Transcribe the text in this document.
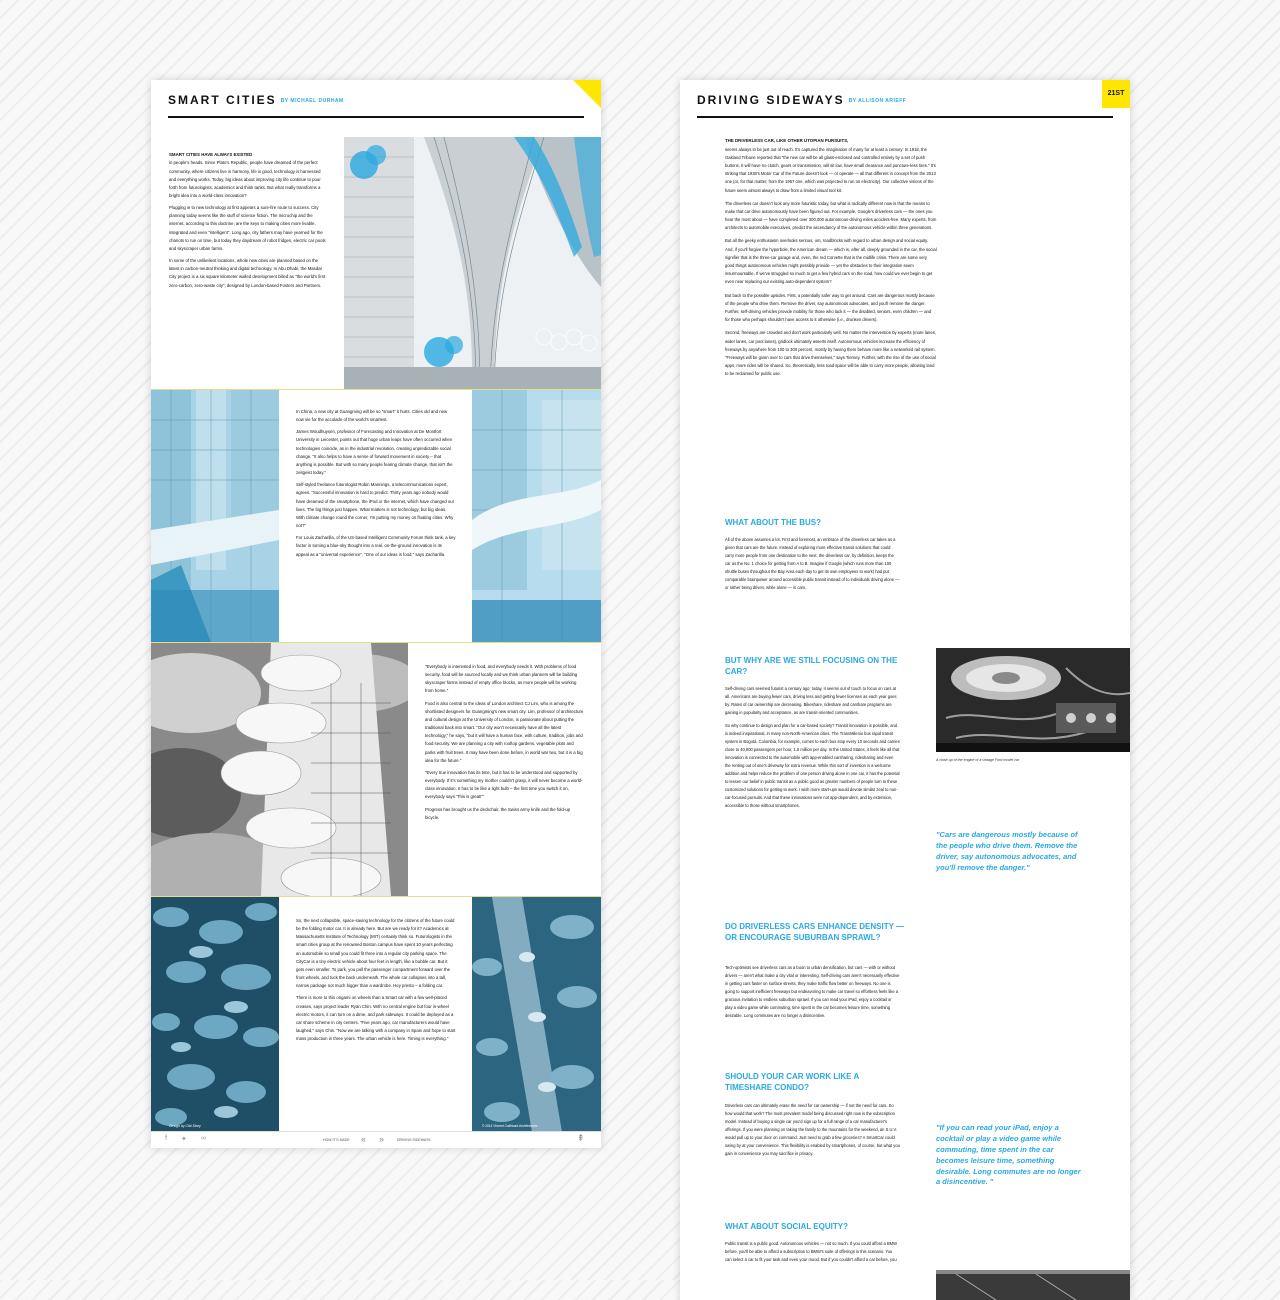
SMART CITIES BY MICHAEL DURHAM

SMART CITIES HAVE ALWAYS EXISTED
in people's heads. Since Plato's Republic, people have dreamed of the perfect community, where citizens live in harmony, life is good, technology is harnessed and everything works. Today, big ideas about improving city life continue to pour forth from futurologists, academics and think tanks. But what really transforms a bright idea into a world-class innovation?

Plugging in to new technology at first appears a sure-fire route to success. City planning today seems like the stuff of science fiction. The microchip and the internet, according to this doctrine, are the keys to making cities more livable, integrated and even "intelligent". Long ago, city fathers may have yearned for the chariots to run on time, but today they daydream of robot fridges, electric car pools and skyscraper urban farms.

In some of the unlikeliest locations, whole new cities are planned based on the latest in carbon-neutral thinking and digital technology. In Abu Dhabi, the Masdar City project is a six square kilometer walled development billed as "the world's first zero-carbon, zero-waste city", designed by London-based Fosters and Partners.

In China, a new city at Guangming will be so "smart" it hurts. Cities old and new now vie for the accolade of the world's smartest.

James Woudhuysen, professor of Forecasting and Innovation at De Montfort University in Leicester, points out that huge urban leaps have often occurred when technologies coincide, as in the industrial revolution, creating unpredictable social change. "It also helps to have a sense of forward movement in society – that anything is possible. But with so many people fearing climate change, that isn't the zeitgeist today."

Self-styled freelance futurologist Robin Mannings, a telecommunications expert, agrees. "Successful innovation is hard to predict. Thirty years ago nobody would have dreamed of the smartphone, the iPod or the internet, which have changed our lives. The big things just happen. What matters is not technology, but big ideas. With climate change round the corner, I'm putting my money on floating cities. Why not?"

For Louis Zacharilla, of the US-based Intelligent Community Forum think tank, a key factor in turning a blue-sky thought into a real, on-the-ground innovation is its appeal as a "universal experience". "One of our ideas is food," says Zacharilla.

"Everybody is interested in food, and everybody needs it. With problems of food security, food will be sourced locally and we think urban planners will be building skyscraper farms instead of empty office blocks, as more people will be working from home."

Food is also central to the ideas of London architect CJ Lim, who is among the shortlisted designers for Guangming's new smart city. Lim, professor of architecture and cultural design at the University of London, is passionate about putting the traditional back into smart. "Our city won't necessarily have all the latest technology," he says, "but it will have a human face, with culture, tradition, jobs and food security. We are planning a city with rooftop gardens, vegetable plots and parks with fruit trees. It may have been done before, in world war two, but it is a big idea for the future."

"Every true innovation has its time, but it has to be understood and supported by everybody. If it's something my mother couldn't grasp, it will never become a world-class innovation. It has to be like a light bulb – the first time you switch it on, everybody says 'This is great!'"

Progress has brought us the deckchair, the Swiss army knife and the fold-up bicycle.

Design by Cibi Story

So, the next collapsible, space-saving technology for the citizens of the future could be the folding motor car. It is already here. But are we ready for it? Academics at Massachusetts Institute of Technology (MIT) certainly think so. Futurologists in the smart cities group at the renowned Boston campus have spent 10 years perfecting an automobile so small you could fit three into a regular city parking space. The CityCar is a tiny electric vehicle about four feet in length, like a bubble car. But it gets even smaller. To park, you pull the passenger compartment forward over the front wheels, and tuck the back underneath. The whole car collapses into a tall, narrow package not much bigger than a wardrobe. Hey presto – a folding car.

There is more to this origami on wheels than a Smart car with a few well-placed creases, says project leader Ryan Chin. With no central engine but four in-wheel electric motors, it can turn on a dime, and park sideways. It could be deployed as a car share scheme in city centers. "Five years ago, car manufacturers would have laughed," says Chin. "Now we are talking with a company in Spain and hope to start mass production in three years. The urban vehicle is here. Timing is everything."

© 2014 Vincent Callebaut Architectures
f ✦ ∞	HOW IT'S MADE « »	DRIVING SIDEWAYS	⇞
DRIVING SIDEWAYS BY ALLISON ARIEFF
21ST

THE DRIVERLESS CAR, LIKE OTHER UTOPIAN PURSUITS,
seems always to be just out of reach. It's captured the imagination of many for at least a century: In 1918, the Oakland Tribune reported that "the new car will be all glass-enclosed and controlled entirely by a set of push buttons. It will have no clutch, gears or transmission, will sit low, have small clearance and puncture-less tires." It's striking that 1938's Motor Car of the Future doesn't look — or operate — all that different in concept from the 2013 one (or, for that matter, from the 1957 one, which was projected to run on electricity). Our collective visions of the future seem almost always to draw from a limited visual tool kit.

The driverless car doesn't look any more futuristic today, but what is radically different now is that the means to make that car drive autonomously have been figured out. For example, Google's driverless cars — the ones you hear the most about — have completed over 300,000 autonomous-driving miles accident-free. Many experts, from architects to automobile executives, predict the ascendancy of the autonomous vehicle within three generations.

But all the geeky enthusiasm overlooks serious, um, roadblocks with regard to urban design and social equity. And, if you'll forgive the hyperbole, the American dream — which is, after all, deeply grounded in the car, the social signifier that is the three-car garage and, even, the red Corvette that is the midlife crisis. There are some very good things autonomous vehicles might possibly provide — yet the obstacles to their integration seem insurmountable. If we've struggled so much to get a few hybrid cars on the road, how could we ever begin to get even near replacing our existing auto-dependent system?

But back to the possible upsides. First, a potentially safer way to get around. Cars are dangerous mostly because of the people who drive them. Remove the driver, say autonomous advocates, and you'll remove the danger. Further, self-driving vehicles provide mobility for those who lack it — the disabled, seniors, even children — and for those who perhaps shouldn't have access to it otherwise (i.e., drunken drivers).

Second, freeways are crowded and don't work particularly well. No matter the intervention by experts (more lanes, wider lanes, car pool lanes), gridlock ultimately asserts itself. Autonomous vehicles increase the efficiency of freeways by anywhere from 100 to 300 percent, mostly by having them behave more like a networked rail system. "Freeways will be given over to cars that drive themselves," says Tierney. Further, with the rise of the use of social apps, more rides will be shared. So, theoretically, less road space will be able to carry more people, allowing land to be reclaimed for public use.

WHAT ABOUT THE BUS?

All of the above assumes a lot. First and foremost, an embrace of the driverless car takes as a given that cars are the future. Instead of exploring more effective transit solutions that could carry more people from one destination to the next, the driverless car, by definition, keeps the car as the No. 1 choice for getting from A to B. Imagine if Google (which runs more than 100 shuttle buses throughout the Bay Area each day to get its own employees to work) had put comparable brainpower around accessible public transit instead of to individuals driving alone — or rather being driven, while alone — in cars.

BUT WHY ARE WE STILL FOCUSING ON THE CAR?

Self-driving cars seemed futurist a century ago; today, it seems out of touch to focus on cars at all. Americans are buying fewer cars, driving less and getting fewer licenses as each year goes by. Rates of car ownership are decreasing. Bikeshare, rideshare and carshare programs are gaining in popularity and acceptance, as are transit-oriented communities.

So why continue to design and plan for a car-based society? Transit innovation is possible, and is indeed inspirational, in many non-North-American cities. The TransMilenio bus rapid transit system in Bogotá, Colombia, for example, comes to each bus stop every 10 seconds and carries close to 40,000 passengers per hour, 1.6 million per day. In the United States, it feels like all that innovation is connected to the automobile with app-enabled carsharing, ridesharing and even the renting out of one's driveway for extra revenue. While this sort of invention is a welcome addition and helps reduce the problem of one person driving alone in one car, it has the potential to lessen our belief in public transit as a public good as greater numbers of people turn to these customized solutions for getting to work. I wish more start-ups would devote similar zeal to non-car-focused pursuits. And that these innovations were not app-dependent, and by extension, accessible to those without smartphones.

DO DRIVERLESS CARS ENHANCE DENSITY — OR ENCOURAGE SUBURBAN SPRAWL?

Tech-optimists see driverless cars as a boon to urban densification, but cars — with or without drivers — aren't what make a city vital or interesting. Self-driving cars aren't necessarily effective in getting cars faster on surface streets, they make traffic flow better on freeways. No one is going to support inefficient freeways but endeavoring to make car travel so effortless feels like a gracious invitation to endless suburban sprawl. If you can read your iPad, enjoy a cocktail or play a video game while commuting, time spent in the car becomes leisure time, something desirable. Long commutes are no longer a disincentive.

SHOULD YOUR CAR WORK LIKE A TIMESHARE CONDO?

Driverless cars can ultimately erase the need for car ownership — if not the need for cars. So how would that work? The most prevalent model being discussed right now is the subscription model. Instead of buying a single car you'd sign up for a full range of a car manufacturer's offerings. If you were planning on taking the family to the mountains for the weekend, an S.U.V. would pull up to your door on command. Just need to grab a few groceries? A SmartCar could swing by at your convenience. This flexibility is enabled by smartphones, of course, but what you gain in convenience you may sacrifice in privacy.

WHAT ABOUT SOCIAL EQUITY?

Public transit is a public good. Autonomous vehicles — not so much. If you could afford a BMW before, you'll be able to afford a subscription to BMW's suite of offerings in this scenario. You can select a car to fit your task and even your mood. But if you couldn't afford a car before, you

A close up of the engine of a vintage Ford model car
"Cars are dangerous mostly because of the people who drive them. Remove the driver, say autonomous advocates, and you'll remove the danger."
"If you can read your iPad, enjoy a cocktail or play a video game while commuting, time spent in the car becomes leisure time, something desirable. Long commutes are no longer a disincentive. "
